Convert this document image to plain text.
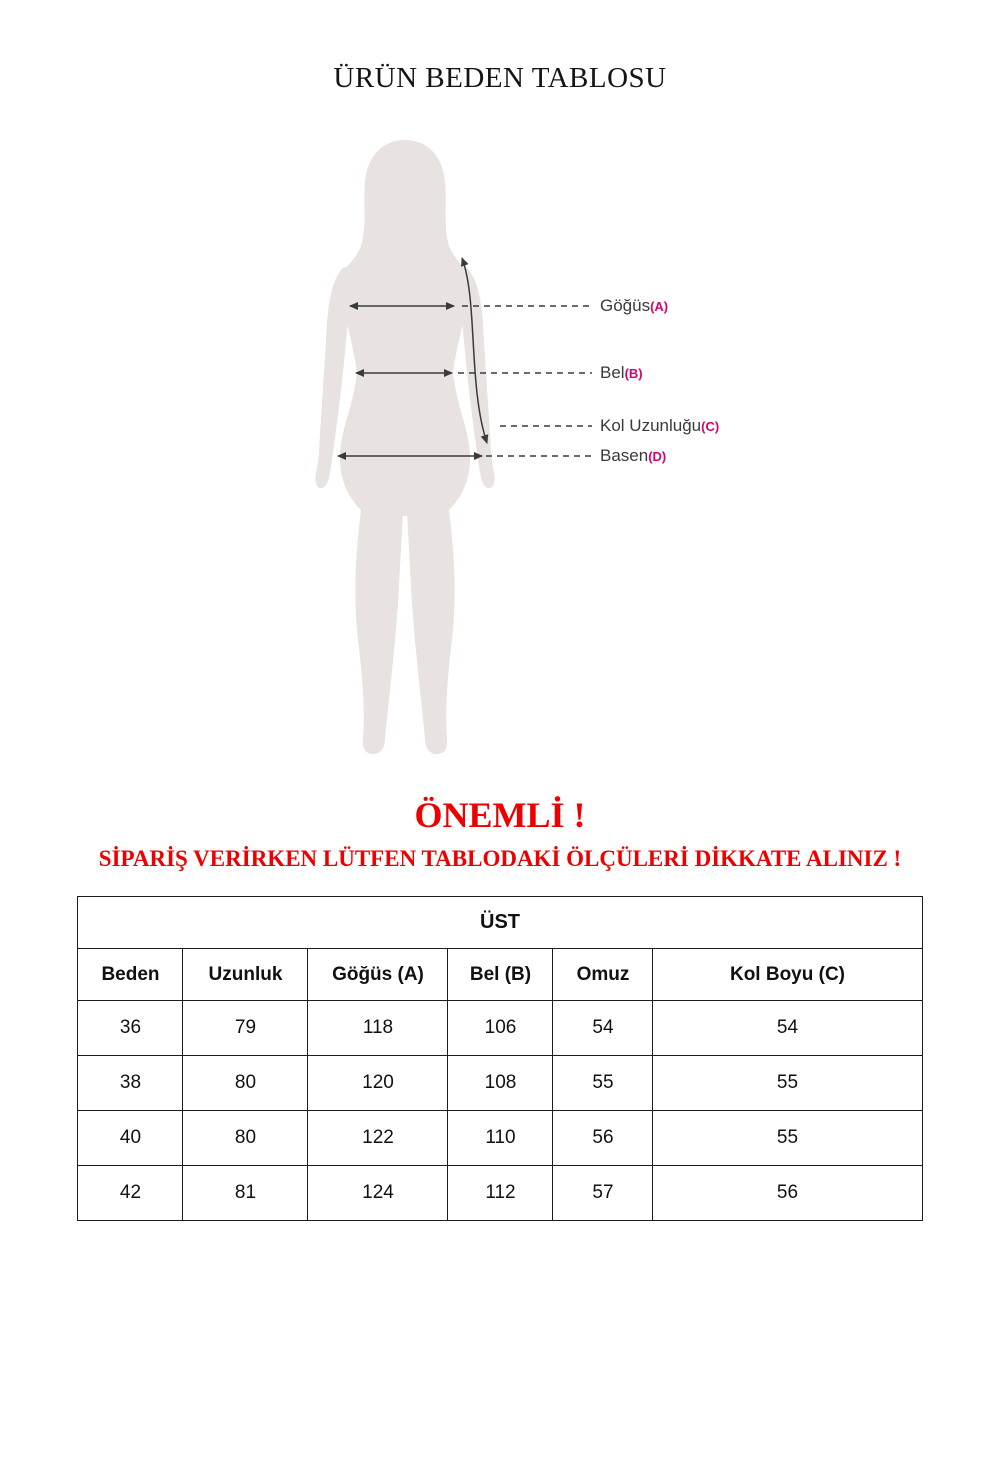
ÜRÜN BEDEN TABLOSU
Göğüs(A)
Bel(B)
Kol Uzunluğu(C)
Basen(D)
ÖNEMLİ !
SİPARİŞ VERİRKEN LÜTFEN TABLODAKİ ÖLÇÜLERİ DİKKATE ALINIZ !
ÜST					
Beden	Uzunluk	Göğüs (A)	Bel (B)	Omuz	Kol Boyu (C)
36	79	118	106	54	54
38	80	120	108	55	55
40	80	122	110	56	55
42	81	124	112	57	56
